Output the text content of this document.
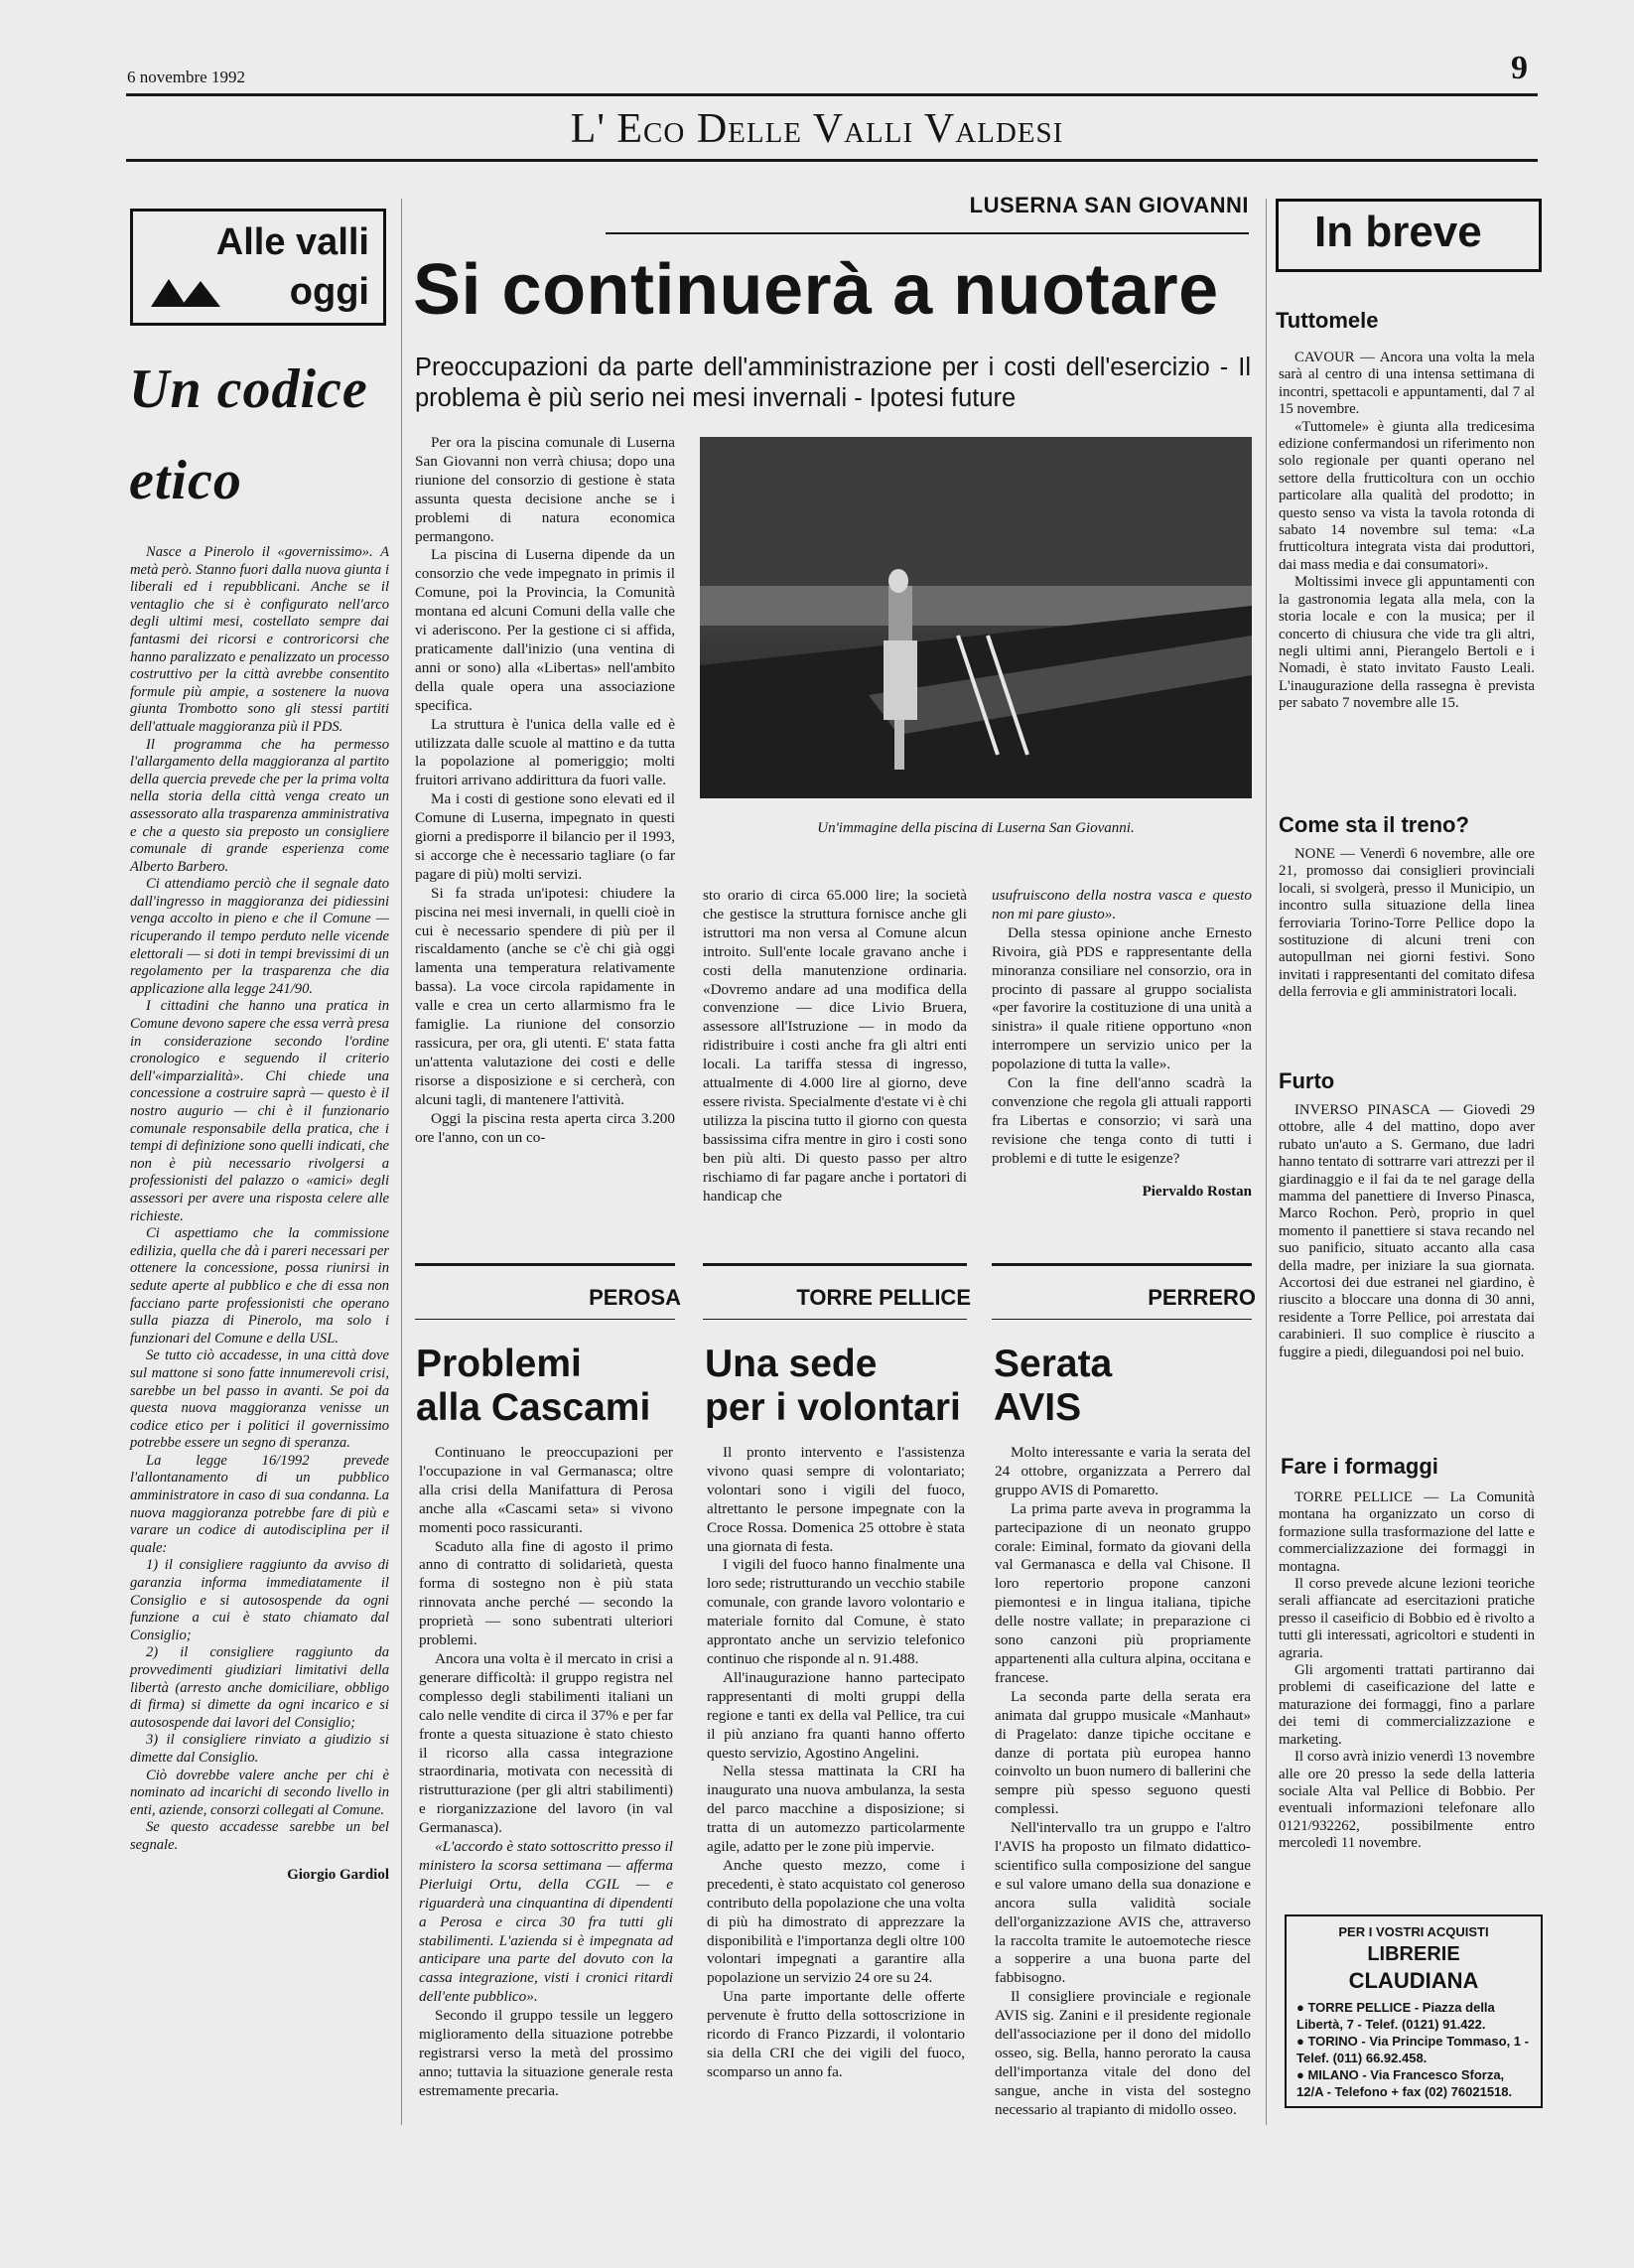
6 novembre 1992	9
L' Eco Delle Valli Valdesi
Alle valli
oggi
Un codice
etico

Nasce a Pinerolo il «governissimo». A metà però. Stanno fuori dalla nuova giunta i liberali ed i repubblicani. Anche se il ventaglio che si è configurato nell'arco degli ultimi mesi, costellato sempre dai fantasmi dei ricorsi e controricorsi che hanno paralizzato e penalizzato un processo costruttivo per la città avrebbe consentito formule più ampie, a sostenere la nuova giunta Trombotto sono gli stessi partiti dell'attuale maggioranza più il PDS.

Il programma che ha permesso l'allargamento della maggioranza al partito della quercia prevede che per la prima volta nella storia della città venga creato un assessorato alla trasparenza amministrativa e che a questo sia preposto un consigliere comunale di grande esperienza come Alberto Barbero.

Ci attendiamo perciò che il segnale dato dall'ingresso in maggioranza dei pidiessini venga accolto in pieno e che il Comune — ricuperando il tempo perduto nelle vicende elettorali — si doti in tempi brevissimi di un regolamento per la trasparenza che dia applicazione alla legge 241/90.

I cittadini che hanno una pratica in Comune devono sapere che essa verrà presa in considerazione secondo l'ordine cronologico e seguendo il criterio dell'«imparzialità». Chi chiede una concessione a costruire saprà — questo è il nostro augurio — chi è il funzionario comunale responsabile della pratica, che i tempi di definizione sono quelli indicati, che non è più necessario rivolgersi a professionisti del palazzo o «amici» degli assessori per avere una risposta celere alle richieste.

Ci aspettiamo che la commissione edilizia, quella che dà i pareri necessari per ottenere la concessione, possa riunirsi in sedute aperte al pubblico e che di essa non facciano parte professionisti che operano sulla piazza di Pinerolo, ma solo i funzionari del Comune e della USL.

Se tutto ciò accadesse, in una città dove sul mattone si sono fatte innumerevoli crisi, sarebbe un bel passo in avanti. Se poi da questa nuova maggioranza venisse un codice etico per i politici il governissimo potrebbe essere un segno di speranza.

La legge 16/1992 prevede l'allontanamento di un pubblico amministratore in caso di sua condanna. La nuova maggioranza potrebbe fare di più e varare un codice di autodisciplina per il quale:

1) il consigliere raggiunto da avviso di garanzia informa immediatamente il Consiglio e si autosospende da ogni funzione a cui è stato chiamato dal Consiglio;

2) il consigliere raggiunto da provvedimenti giudiziari limitativi della libertà (arresto anche domiciliare, obbligo di firma) si dimette da ogni incarico e si autosospende dai lavori del Consiglio;

3) il consigliere rinviato a giudizio si dimette dal Consiglio.

Ciò dovrebbe valere anche per chi è nominato ad incarichi di secondo livello in enti, aziende, consorzi collegati al Comune.

Se questo accadesse sarebbe un bel segnale.

Giorgio Gardiol
LUSERNA SAN GIOVANNI
Si continuerà a nuotare
Preoccupazioni da parte dell'amministrazione per i costi dell'esercizio - Il problema è più serio nei mesi invernali - Ipotesi future

Per ora la piscina comunale di Luserna San Giovanni non verrà chiusa; dopo una riunione del consorzio di gestione è stata assunta questa decisione anche se i problemi di natura economica permangono.

La piscina di Luserna dipende da un consorzio che vede impegnato in primis il Comune, poi la Provincia, la Comunità montana ed alcuni Comuni della valle che vi aderiscono. Per la gestione ci si affida, praticamente dall'inizio (una ventina di anni or sono) alla «Libertas» nell'ambito della quale opera una associazione specifica.

La struttura è l'unica della valle ed è utilizzata dalle scuole al mattino e da tutta la popolazione al pomeriggio; molti fruitori arrivano addirittura da fuori valle.

Ma i costi di gestione sono elevati ed il Comune di Luserna, impegnato in questi giorni a predisporre il bilancio per il 1993, si accorge che è necessario tagliare (o far pagare di più) molti servizi.

Si fa strada un'ipotesi: chiudere la piscina nei mesi invernali, in quelli cioè in cui è necessario spendere di più per il riscaldamento (anche se c'è chi già oggi lamenta una temperatura relativamente bassa). La voce circola rapidamente in valle e crea un certo allarmismo fra le famiglie. La riunione del consorzio rassicura, per ora, gli utenti. E' stata fatta un'attenta valutazione dei costi e delle risorse a disposizione e si cercherà, con alcuni tagli, di mantenere l'attività.

Oggi la piscina resta aperta circa 3.200 ore l'anno, con un co-

Un'immagine della piscina di Luserna San Giovanni.

sto orario di circa 65.000 lire; la società che gestisce la struttura fornisce anche gli istruttori ma non versa al Comune alcun introito. Sull'ente locale gravano anche i costi della manutenzione ordinaria. «Dovremo andare ad una modifica della convenzione — dice Livio Bruera, assessore all'Istruzione — in modo da ridistribuire i costi anche fra gli altri enti locali. La tariffa stessa di ingresso, attualmente di 4.000 lire al giorno, deve essere rivista. Specialmente d'estate vi è chi utilizza la piscina tutto il giorno con questa bassissima cifra mentre in giro i costi sono ben più alti. Di questo passo per altro rischiamo di far pagare anche i portatori di handicap che

usufruiscono della nostra vasca e questo non mi pare giusto».

Della stessa opinione anche Ernesto Rivoira, già PDS e rappresentante della minoranza consiliare nel consorzio, ora in procinto di passare al gruppo socialista «per favorire la costituzione di una unità a sinistra» il quale ritiene opportuno «non interrompere un servizio unico per la popolazione di tutta la valle».

Con la fine dell'anno scadrà la convenzione che regola gli attuali rapporti fra Libertas e consorzio; vi sarà una revisione che tenga conto di tutti i problemi e di tutte le esigenze?

Piervaldo Rostan
PEROSA	TORRE PELLICE	PERRERO
Problemi
alla Cascami
Una sede
per i volontari
Serata
AVIS

Continuano le preoccupazioni per l'occupazione in val Germanasca; oltre alla crisi della Manifattura di Perosa anche alla «Cascami seta» si vivono momenti poco rassicuranti.

Scaduto alla fine di agosto il primo anno di contratto di solidarietà, questa forma di sostegno non è più stata rinnovata anche perché — secondo la proprietà — sono subentrati ulteriori problemi.

Ancora una volta è il mercato in crisi a generare difficoltà: il gruppo registra nel complesso degli stabilimenti italiani un calo nelle vendite di circa il 37% e per far fronte a questa situazione è stato chiesto il ricorso alla cassa integrazione straordinaria, motivata con necessità di ristrutturazione (per gli altri stabilimenti) e riorganizzazione del lavoro (in val Germanasca).

«L'accordo è stato sottoscritto presso il ministero la scorsa settimana — afferma Pierluigi Ortu, della CGIL — e riguarderà una cinquantina di dipendenti a Perosa e circa 30 fra tutti gli stabilimenti. L'azienda si è impegnata ad anticipare una parte del dovuto con la cassa integrazione, visti i cronici ritardi dell'ente pubblico».

Secondo il gruppo tessile un leggero miglioramento della situazione potrebbe registrarsi verso la metà del prossimo anno; tuttavia la situazione generale resta estremamente precaria.

Il pronto intervento e l'assistenza vivono quasi sempre di volontariato; volontari sono i vigili del fuoco, altrettanto le persone impegnate con la Croce Rossa. Domenica 25 ottobre è stata una giornata di festa.

I vigili del fuoco hanno finalmente una loro sede; ristrutturando un vecchio stabile comunale, con grande lavoro volontario e materiale fornito dal Comune, è stato approntato anche un servizio telefonico continuo che risponde al n. 91.488.

All'inaugurazione hanno partecipato rappresentanti di molti gruppi della regione e tanti ex della val Pellice, tra cui il più anziano fra quanti hanno offerto questo servizio, Agostino Angelini.

Nella stessa mattinata la CRI ha inaugurato una nuova ambulanza, la sesta del parco macchine a disposizione; si tratta di un automezzo particolarmente agile, adatto per le zone più impervie.

Anche questo mezzo, come i precedenti, è stato acquistato col generoso contributo della popolazione che una volta di più ha dimostrato di apprezzare la disponibilità e l'importanza degli oltre 100 volontari impegnati a garantire alla popolazione un servizio 24 ore su 24.

Una parte importante delle offerte pervenute è frutto della sottoscrizione in ricordo di Franco Pizzardi, il volontario sia della CRI che dei vigili del fuoco, scomparso un anno fa.

Molto interessante e varia la serata del 24 ottobre, organizzata a Perrero dal gruppo AVIS di Pomaretto.

La prima parte aveva in programma la partecipazione di un neonato gruppo corale: Eiminal, formato da giovani della val Germanasca e della val Chisone. Il loro repertorio propone canzoni piemontesi e in lingua italiana, tipiche delle nostre vallate; in preparazione ci sono canzoni più propriamente appartenenti alla cultura alpina, occitana e francese.

La seconda parte della serata era animata dal gruppo musicale «Manhaut» di Pragelato: danze tipiche occitane e danze di portata più europea hanno coinvolto un buon numero di ballerini che sempre più spesso seguono questi complessi.

Nell'intervallo tra un gruppo e l'altro l'AVIS ha proposto un filmato didattico-scientifico sulla composizione del sangue e sul valore umano della sua donazione e ancora sulla validità sociale dell'organizzazione AVIS che, attraverso la raccolta tramite le autoemoteche riesce a sopperire a una buona parte del fabbisogno.

Il consigliere provinciale e regionale AVIS sig. Zanini e il presidente regionale dell'associazione per il dono del midollo osseo, sig. Bella, hanno perorato la causa dell'importanza vitale del dono del sangue, anche in vista del sostegno necessario al trapianto di midollo osseo.

In breve
Tuttomele

CAVOUR — Ancora una volta la mela sarà al centro di una intensa settimana di incontri, spettacoli e appuntamenti, dal 7 al 15 novembre.

«Tuttomele» è giunta alla tredicesima edizione confermandosi un riferimento non solo regionale per quanti operano nel settore della frutticoltura con un occhio particolare alla qualità del prodotto; in questo senso va vista la tavola rotonda di sabato 14 novembre sul tema: «La frutticoltura integrata vista dai produttori, dai mass media e dai consumatori».

Moltissimi invece gli appuntamenti con la gastronomia legata alla mela, con la storia locale e con la musica; per il concerto di chiusura che vide tra gli altri, negli ultimi anni, Pierangelo Bertoli e i Nomadi, è stato invitato Fausto Leali. L'inaugurazione della rassegna è prevista per sabato 7 novembre alle 15.

Come sta il treno?

NONE — Venerdì 6 novembre, alle ore 21, promosso dai consiglieri provinciali locali, si svolgerà, presso il Municipio, un incontro sulla situazione della linea ferroviaria Torino-Torre Pellice dopo la sostituzione di alcuni treni con autopullman nei giorni festivi. Sono invitati i rappresentanti del comitato difesa della ferrovia e gli amministratori locali.

Furto

INVERSO PINASCA — Giovedì 29 ottobre, alle 4 del mattino, dopo aver rubato un'auto a S. Germano, due ladri hanno tentato di sottrarre vari attrezzi per il giardinaggio e il fai da te nel garage della mamma del panettiere di Inverso Pinasca, Marco Rochon. Però, proprio in quel momento il panettiere si stava recando nel suo panificio, situato accanto alla casa della madre, per iniziare la sua giornata. Accortosi dei due estranei nel giardino, è riuscito a bloccare una donna di 30 anni, residente a Torre Pellice, poi arrestata dai carabinieri. Il suo complice è riuscito a fuggire a piedi, dileguandosi poi nel buio.

Fare i formaggi

TORRE PELLICE — La Comunità montana ha organizzato un corso di formazione sulla trasformazione del latte e commercializzazione dei formaggi in montagna.

Il corso prevede alcune lezioni teoriche serali affiancate ad esercitazioni pratiche presso il caseificio di Bobbio ed è rivolto a tutti gli interessati, agricoltori e studenti in agraria.

Gli argomenti trattati partiranno dai problemi di caseificazione del latte e maturazione dei formaggi, fino a parlare dei temi di commercializzazione e marketing.

Il corso avrà inizio venerdì 13 novembre alle ore 20 presso la sede della latteria sociale Alta val Pellice di Bobbio. Per eventuali informazioni telefonare allo 0121/932262, possibilmente entro mercoledì 11 novembre.

PER I VOSTRI ACQUISTI
LIBRERIE
CLAUDIANA
● TORRE PELLICE - Piazza della Libertà, 7 - Telef. (0121) 91.422.
● TORINO - Via Principe Tommaso, 1 - Telef. (011) 66.92.458.
● MILANO - Via Francesco Sforza, 12/A - Telefono + fax (02) 76021518.
